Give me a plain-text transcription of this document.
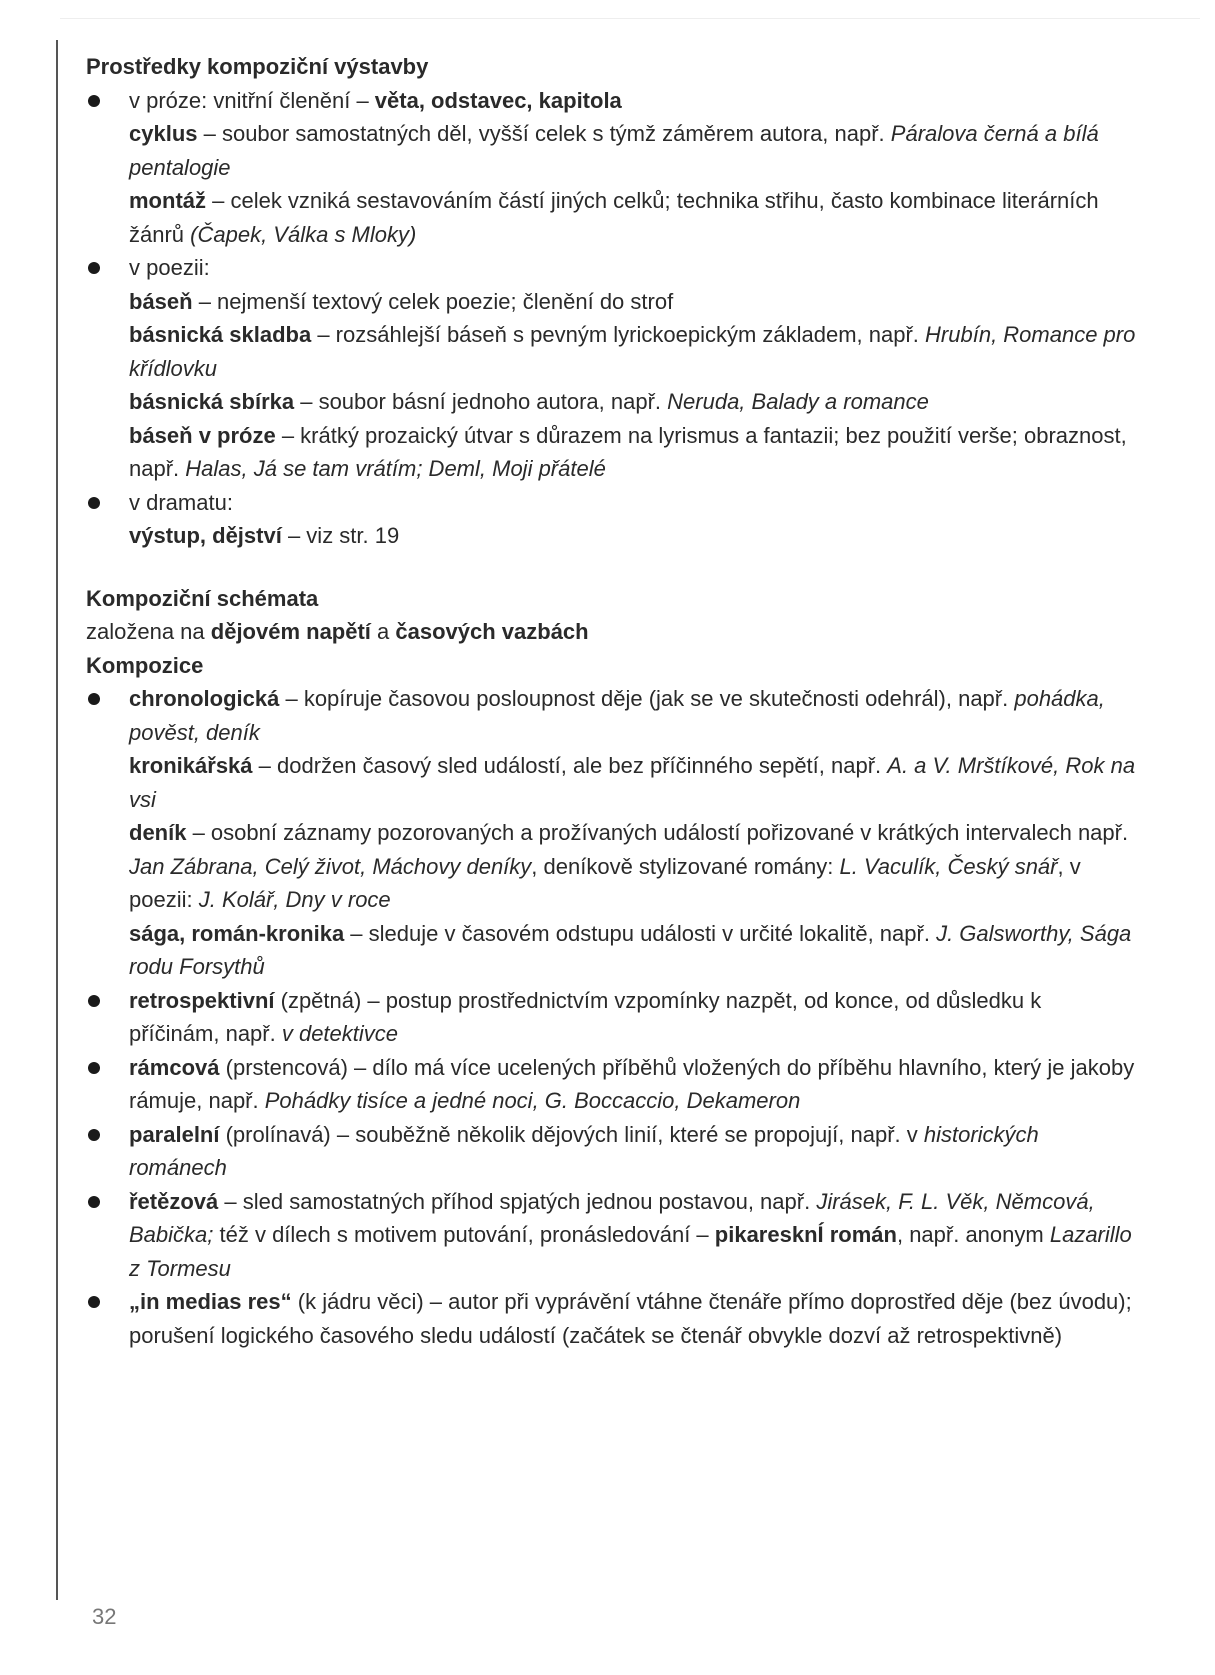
Prostředky kompoziční výstavby

v próze: vnitřní členění – věta, odstavec, kapitola

cyklus – soubor samostatných děl, vyšší celek s týmž záměrem autora, např. Páralova černá a bílá pentalogie

montáž – celek vzniká sestavováním částí jiných celků; technika střihu, často kombinace literárních žánrů (Čapek, Válka s Mloky)

v poezii:

báseň – nejmenší textový celek poezie; členění do strof

básnická skladba – rozsáhlejší báseň s pevným lyrickoepickým základem, např. Hrubín, Romance pro křídlovku

básnická sbírka – soubor básní jednoho autora, např. Neruda, Balady a romance

báseň v próze – krátký prozaický útvar s důrazem na lyrismus a fantazii; bez použití verše; obraznost, např. Halas, Já se tam vrátím; Deml, Moji přátelé

v dramatu:

výstup, dějství – viz str. 19

Kompoziční schémata

založena na dějovém napětí a časových vazbách

Kompozice

chronologická – kopíruje časovou posloupnost děje (jak se ve skutečnosti odehrál), např. pohádka, pověst, deník

kronikářská – dodržen časový sled událostí, ale bez příčinného sepětí, např. A. a V. Mrštíkové, Rok na vsi

deník – osobní záznamy pozorovaných a prožívaných událostí pořizované v krátkých intervalech např. Jan Zábrana, Celý život, Máchovy deníky, deníkově stylizované romány: L. Vaculík, Český snář, v poezii: J. Kolář, Dny v roce

sága, román-kronika – sleduje v časovém odstupu události v určité lokalitě, např. J. Galsworthy, Sága rodu Forsythů

retrospektivní (zpětná) – postup prostřednictvím vzpomínky nazpět, od konce, od důsledku k příčinám, např. v detektivce
rámcová (prstencová) – dílo má více ucelených příběhů vložených do příběhu hlavního, který je jakoby rámuje, např. Pohádky tisíce a jedné noci, G. Boccaccio, Dekameron
paralelní (prolínavá) – souběžně několik dějových linií, které se propojují, např. v historických románech
řetězová – sled samostatných příhod spjatých jednou postavou, např. Jirásek, F. L. Věk, Němcová, Babička; též v dílech s motivem putování, pronásledování – pikaresknÍ román, např. anonym Lazarillo z Tormesu
„in medias res“ (k jádru věci) – autor při vyprávění vtáhne čtenáře přímo doprostřed děje (bez úvodu); porušení logického časového sledu událostí (začátek se čtenář obvykle dozví až retrospektivně)
32
